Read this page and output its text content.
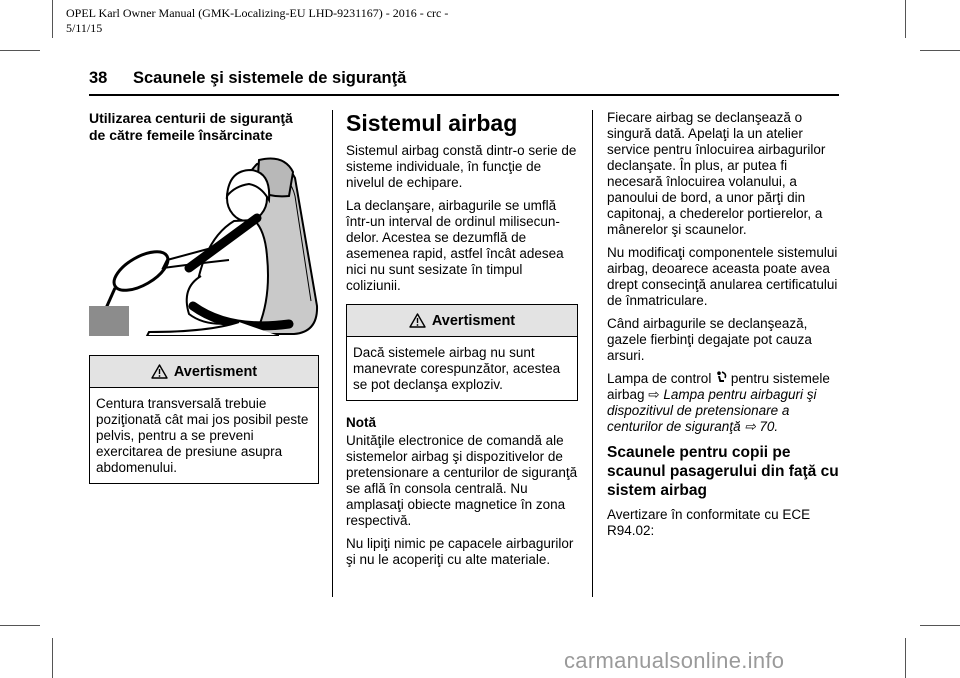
OPEL Karl Owner Manual (GMK-Localizing-EU LHD-9231167) - 2016 - crc -
5/11/15
38 Scaunele şi sistemele de siguranţă
Utilizarea centurii de siguranţă
de către femeile însărcinate
Avertisment
Centura transversală trebuie poziţionată cât mai jos posibil peste pelvis, pentru a se preveni exercitarea de presiune asupra abdomenului.
Sistemul airbag

Sistemul airbag constă dintr-o serie de sisteme individuale, în funcţie de nivelul de echipare.

La declanşare, airbagurile se umflă într-un interval de ordinul milisecundelor. Acestea se dezumflă de asemenea rapid, astfel încât adesea nici nu sunt sesizate în timpul coliziunii.

Avertisment
Dacă sistemele airbag nu sunt manevrate corespunzător, acestea se pot declanşa exploziv.
Notă

Unităţile electronice de comandă ale sistemelor airbag şi dispozitivelor de pretensionare a centurilor de siguranţă se află în consola centrală. Nu amplasaţi obiecte magnetice în zona respectivă.

Nu lipiţi nimic pe capacele airbagurilor şi nu le acoperiţi cu alte materiale.

Fiecare airbag se declanşează o singură dată. Apelaţi la un atelier service pentru înlocuirea airbagurilor declanşate. În plus, ar putea fi necesară înlocuirea volanului, a panoului de bord, a unor părţi din capitonaj, a chederelor portierelor, a mânerelor şi scaunelor.

Nu modificaţi componentele sistemului airbag, deoarece aceasta poate avea drept consecinţă anularea certificatului de înmatriculare.

Când airbagurile se declanşează, gazele fierbinţi degajate pot cauza arsuri.

Lampa de control pentru sistemele airbag ⇨ Lampa pentru airbaguri şi dispozitivul de pretensionare a centurilor de siguranţă ⇨ 70.

Scaunele pentru copii pe scaunul pasagerului din faţă cu sistem airbag

Avertizare în conformitate cu ECE R94.02:

carmanualsonline.info
